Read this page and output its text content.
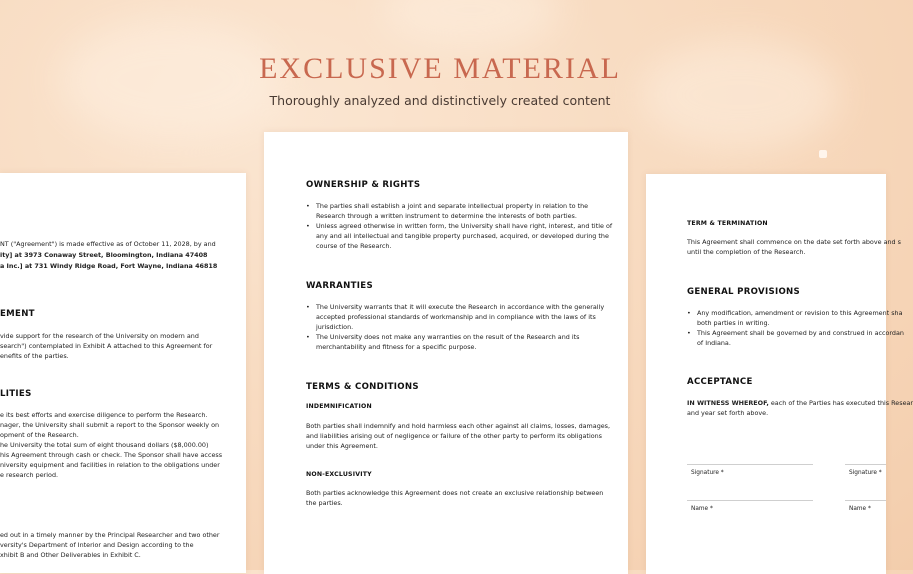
EXCLUSIVE MATERIAL
Thoroughly analyzed and distinctively created content
NT ("Agreement") is made effective as of October 11, 2028, by and
ity] at 3973 Conaway Street, Bloomington, Indiana 47408
a Inc.] at 731 Windy Ridge Road, Fort Wayne, Indiana 46818
EMENT
vide support for the research of the University on modern and
search") contemplated in Exhibit A attached to this Agreement for
enefits of the parties.
LITIES
e its best efforts and exercise diligence to perform the Research.
nager, the University shall submit a report to the Sponsor weekly on
opment of the Research.
he University the total sum of eight thousand dollars ($8,000.00)
his Agreement through cash or check. The Sponsor shall have access
niversity equipment and facilities in relation to the obligations under
e research period.
ed out in a timely manner by the Principal Researcher and two other
versity's Department of Interior and Design according to the
xhibit B and Other Deliverables in Exhibit C.
OWNERSHIP & RIGHTS
• The parties shall establish a joint and separate intellectual property in relation to the
Research through a written instrument to determine the interests of both parties.
• Unless agreed otherwise in written form, the University shall have right, interest, and title of
any and all intellectual and tangible property purchased, acquired, or developed during the
course of the Research.
WARRANTIES
• The University warrants that it will execute the Research in accordance with the generally
accepted professional standards of workmanship and in compliance with the laws of its
jurisdiction.
• The University does not make any warranties on the result of the Research and its
merchantability and fitness for a specific purpose.
TERMS & CONDITIONS
INDEMNIFICATION
Both parties shall indemnify and hold harmless each other against all claims, losses, damages,
and liabilities arising out of negligence or failure of the other party to perform its obligations
under this Agreement.
NON-EXCLUSIVITY
Both parties acknowledge this Agreement does not create an exclusive relationship between
the parties.
TERM & TERMINATION
This Agreement shall commence on the date set forth above and s
until the completion of the Research.
GENERAL PROVISIONS
• Any modification, amendment or revision to this Agreement sha
both parties in writing.
• This Agreement shall be governed by and construed in accordan
of Indiana.
ACCEPTANCE
IN WITNESS WHEREOF, each of the Parties has executed this Resear
and year set forth above.
Signature *	Signature *
Name *	Name *
